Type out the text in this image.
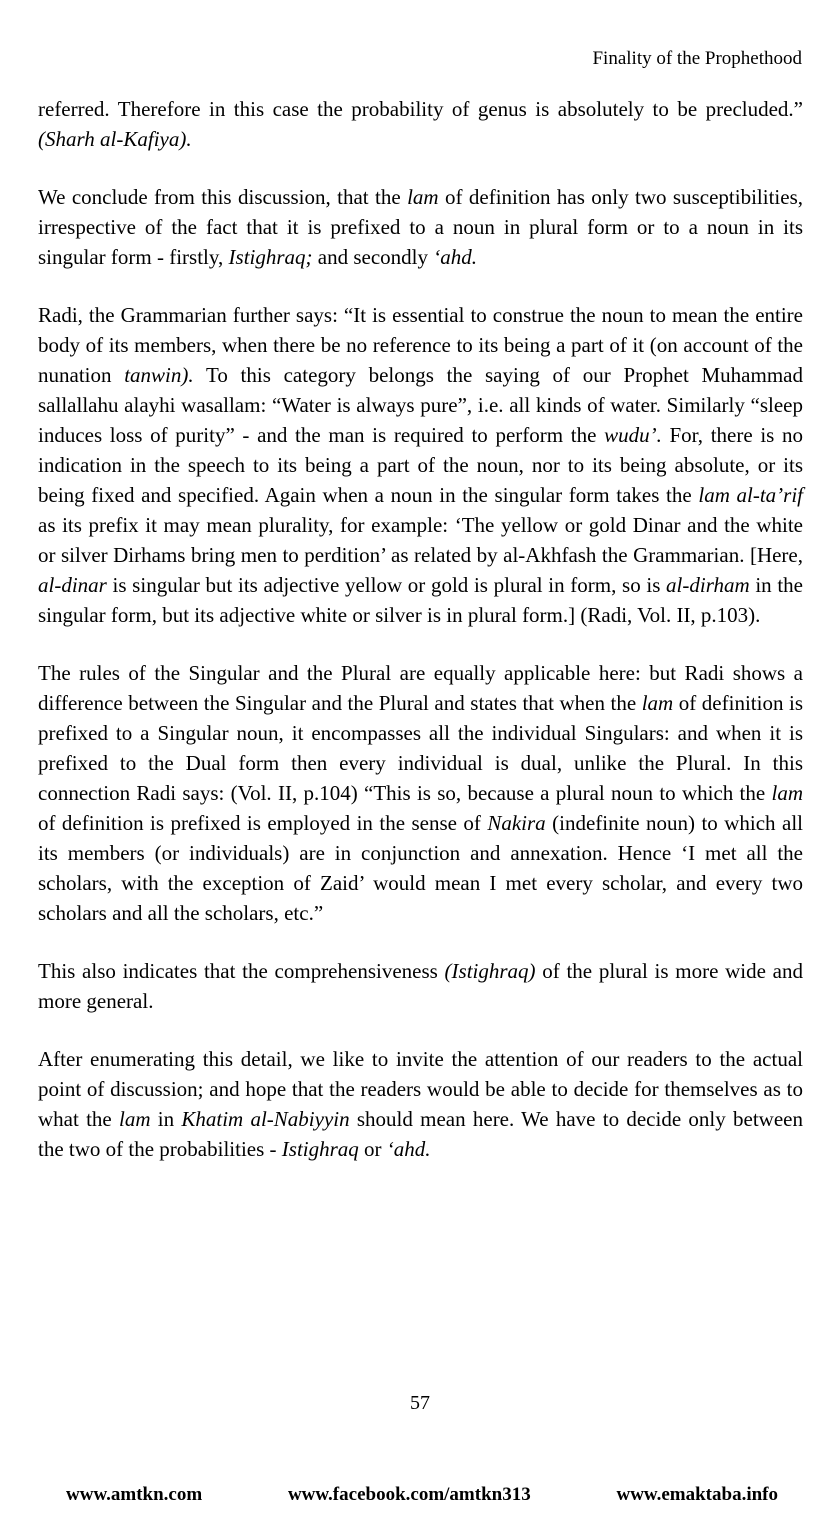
Finality of the Prophethood

referred. Therefore in this case the probability of genus is absolutely to be precluded.” (Sharh al-Kafiya).

We conclude from this discussion, that the lam of definition has only two susceptibilities, irrespective of the fact that it is prefixed to a noun in plural form or to a noun in its singular form - firstly, Istighraq; and secondly ‘ahd.

Radi, the Grammarian further says: “It is essential to construe the noun to mean the entire body of its members, when there be no reference to its being a part of it (on account of the nunation tanwin). To this category belongs the saying of our Prophet Muhammad sallallahu alayhi wasallam: “Water is always pure”, i.e. all kinds of water. Similarly “sleep induces loss of purity” - and the man is required to perform the wudu’. For, there is no indication in the speech to its being a part of the noun, nor to its being absolute, or its being fixed and specified. Again when a noun in the singular form takes the lam al-ta’rif as its prefix it may mean plurality, for example: ‘The yellow or gold Dinar and the white or silver Dirhams bring men to perdition’ as related by al-Akhfash the Grammarian. [Here, al-dinar is singular but its adjective yellow or gold is plural in form, so is al-dirham in the singular form, but its adjective white or silver is in plural form.] (Radi, Vol. II, p.103).

The rules of the Singular and the Plural are equally applicable here: but Radi shows a difference between the Singular and the Plural and states that when the lam of definition is prefixed to a Singular noun, it encompasses all the individual Singulars: and when it is prefixed to the Dual form then every individual is dual, unlike the Plural. In this connection Radi says: (Vol. II, p.104) “This is so, because a plural noun to which the lam of definition is prefixed is employed in the sense of Nakira (indefinite noun) to which all its members (or individuals) are in conjunction and annexation. Hence ‘I met all the scholars, with the exception of Zaid’ would mean I met every scholar, and every two scholars and all the scholars, etc.”

This also indicates that the comprehensiveness (Istighraq) of the plural is more wide and more general.

After enumerating this detail, we like to invite the attention of our readers to the actual point of discussion; and hope that the readers would be able to decide for themselves as to what the lam in Khatim al-Nabiyyin should mean here. We have to decide only between the two of the probabilities - Istighraq or ‘ahd.

57
www.amtkn.com	www.facebook.com/amtkn313	www.emaktaba.info
